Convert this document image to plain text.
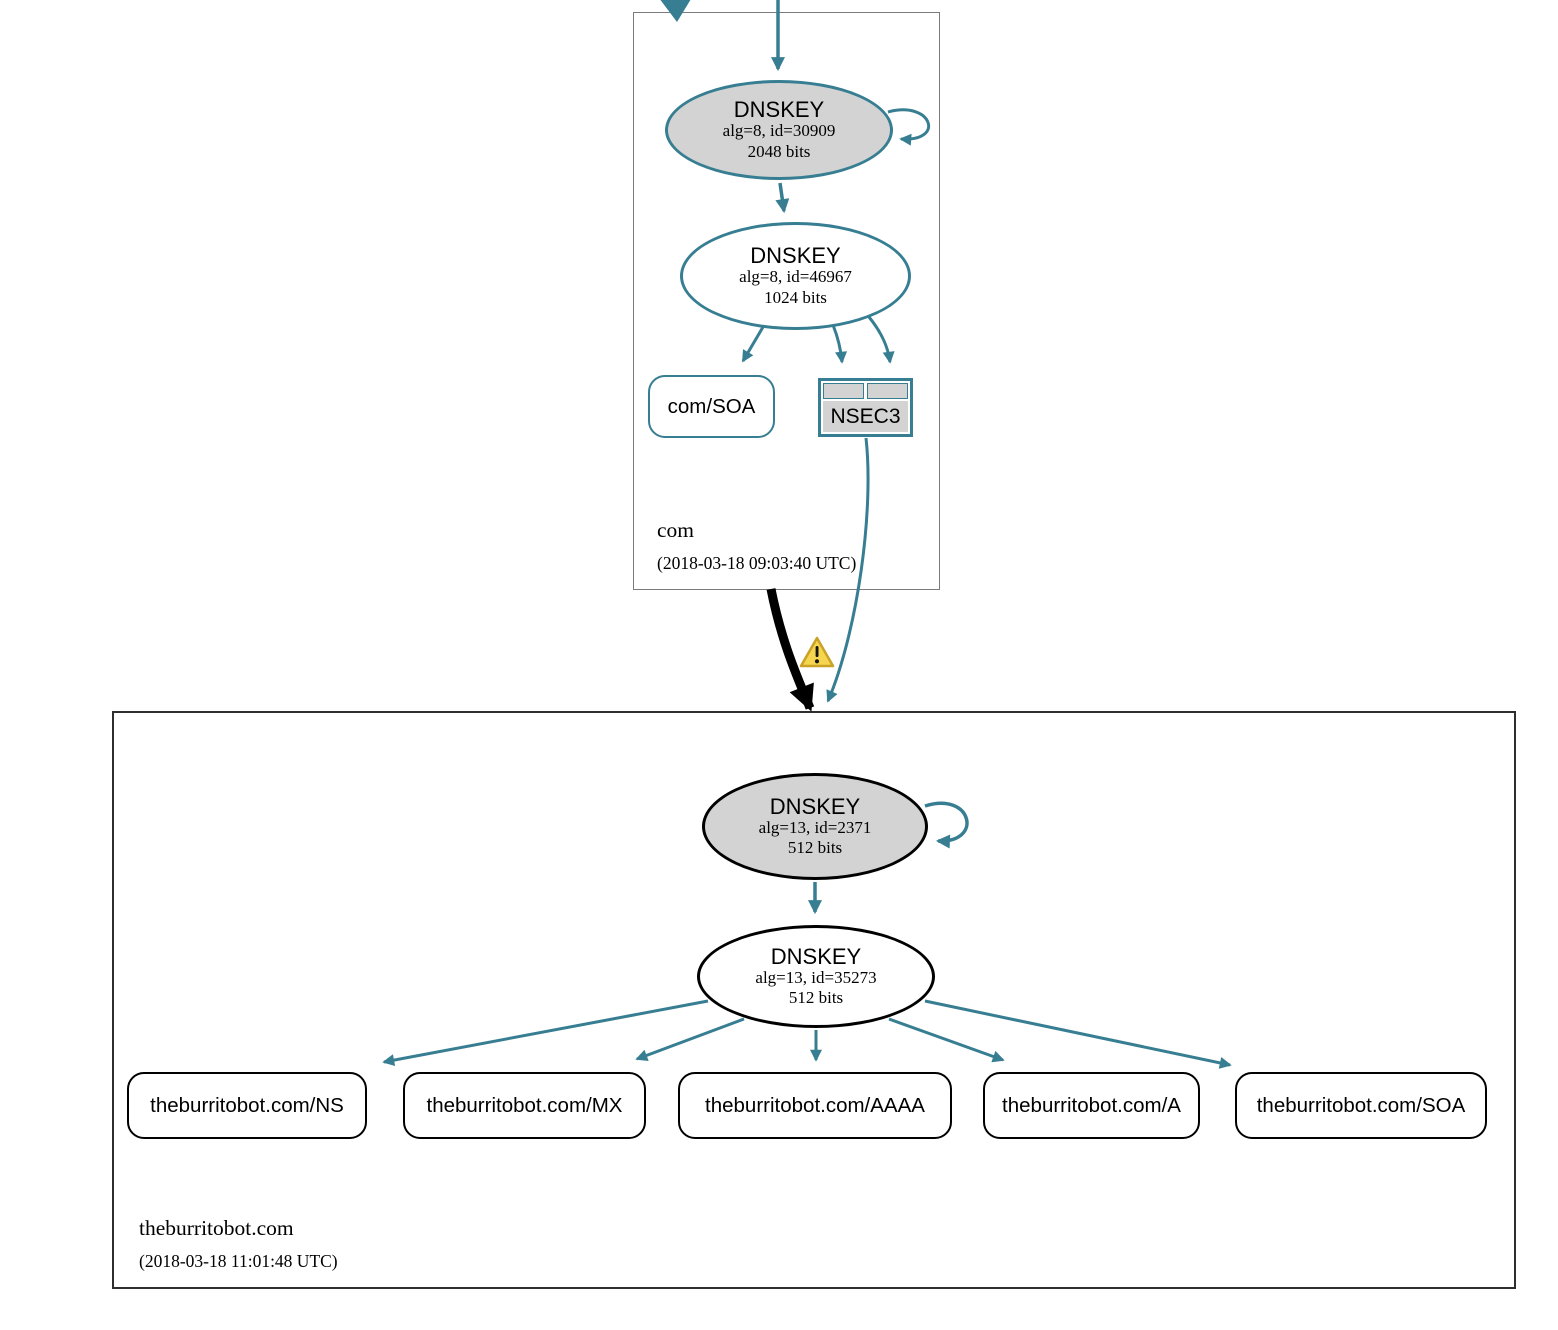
com
(2018-03-18 09:03:40 UTC)
theburritobot.com
(2018-03-18 11:01:48 UTC)
DNSKEY
alg=8, id=30909
2048 bits
DNSKEY
alg=8, id=46967
1024 bits
com/SOA	NSEC3
DNSKEY
alg=13, id=2371
512 bits
DNSKEY
alg=13, id=35273
512 bits
theburritobot.com/NS	theburritobot.com/MX	theburritobot.com/AAAA	theburritobot.com/A	theburritobot.com/SOA
